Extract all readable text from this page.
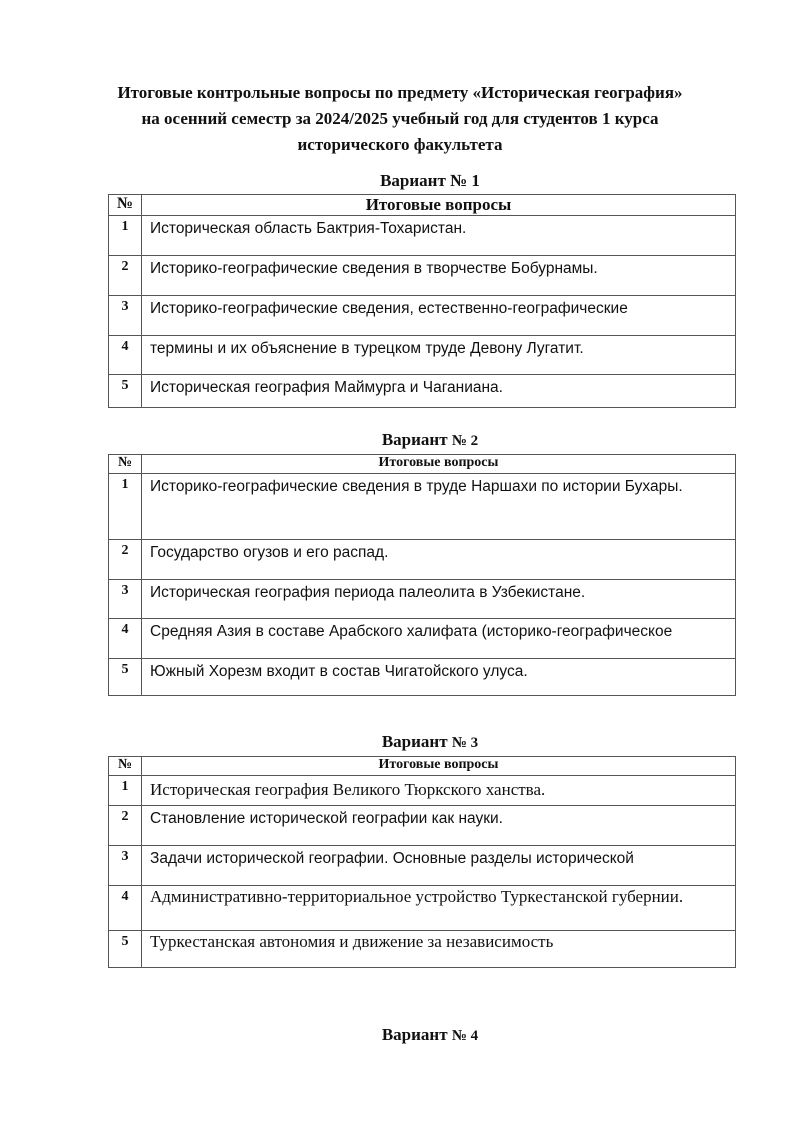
Итоговые контрольные вопросы по предмету «Историческая география»
на осенний семестр за 2024/2025 учебный год для студентов 1 курса
исторического факультета
Вариант № 1
№	Итоговые вопросы
1	Историческая область Бактрия-Тохаристан.
2	Историко-географические сведения в творчестве Бобурнамы.
3	Историко-географические сведения, естественно-географические
4	термины и их объяснение в турецком труде Девону Лугатит.
5	Историческая география Маймурга и Чаганиана.
Вариант № 2
№	Итоговые вопросы
1	Историко-географические сведения в труде Наршахи по истории Бухары.
2	Государство огузов и его распад.
3	Историческая география периода палеолита в Узбекистане.
4	Средняя Азия в составе Арабского халифата (историко-географическое
5	Южный Хорезм входит в состав Чигатойского улуса.
Вариант № 3
№	Итоговые вопросы
1	Историческая география Великого Тюркского ханства.
2	Становление исторической географии как науки.
3	Задачи исторической географии. Основные разделы исторической
4	Административно-территориальное устройство Туркестанской губернии.
5	Туркестанская автономия и движение за независимость
Вариант № 4
